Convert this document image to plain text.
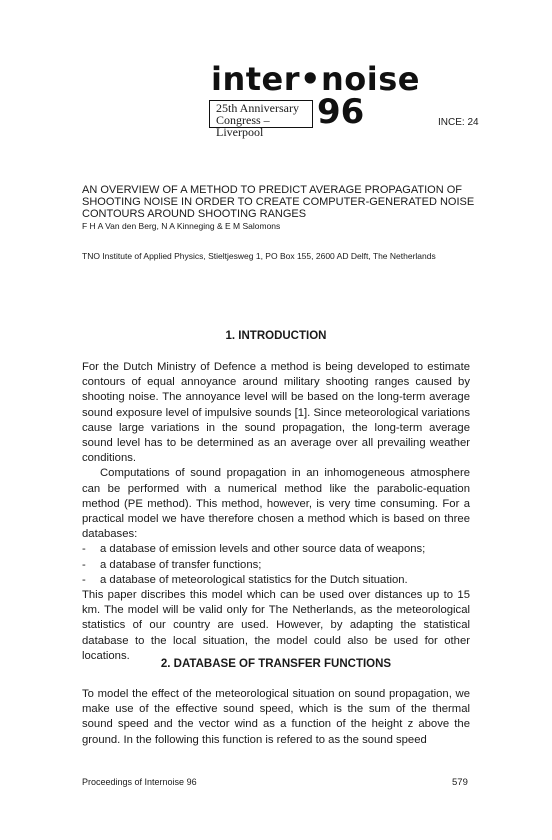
inter•noise
25th Anniversary
Congress – Liverpool	96	INCE: 24
AN OVERVIEW OF A METHOD TO PREDICT AVERAGE PROPAGATION OF SHOOTING NOISE IN ORDER TO CREATE COMPUTER-GENERATED NOISE CONTOURS AROUND SHOOTING RANGES
F H A Van den Berg, N A Kinneging & E M Salomons
TNO Institute of Applied Physics, Stieltjesweg 1, PO Box 155, 2600 AD Delft, The Netherlands
1. INTRODUCTION

For the Dutch Ministry of Defence a method is being developed to estimate contours of equal annoyance around military shooting ranges caused by shooting noise. The annoyance level will be based on the long-term average sound exposure level of impulsive sounds [1]. Since meteorological variations cause large variations in the sound propagation, the long-term average sound level has to be determined as an average over all prevailing weather conditions.

Computations of sound propagation in an inhomogeneous atmosphere can be performed with a numerical method like the parabolic-equation method (PE method). This method, however, is very time consuming. For a practical model we have therefore chosen a method which is based on three databases:

- a database of emission levels and other source data of weapons;
- a database of transfer functions;
- a database of meteorological statistics for the Dutch situation.

This paper discribes this model which can be used over distances up to 15 km. The model will be valid only for The Netherlands, as the meteorological statistics of our country are used. However, by adapting the statistical database to the local situation, the model could also be used for other locations.

2. DATABASE OF TRANSFER FUNCTIONS

To model the effect of the meteorological situation on sound propagation, we make use of the effective sound speed, which is the sum of the thermal sound speed and the vector wind as a function of the height z above the ground. In the following this function is refered to as the sound speed

Proceedings of Internoise 96	579
